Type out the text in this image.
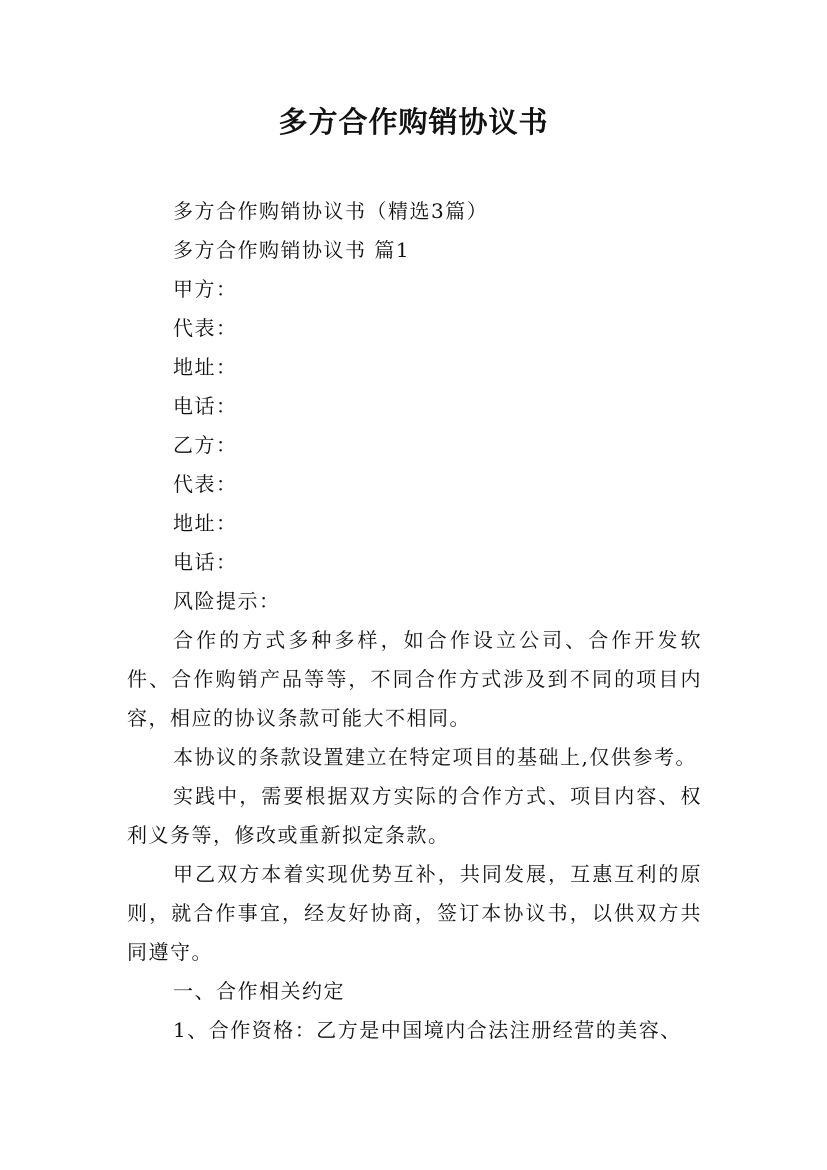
多方合作购销协议书

多方合作购销协议书（精选3篇）

多方合作购销协议书 篇1

甲方：

代表：

地址：

电话：

乙方：

代表：

地址：

电话：

风险提示：

合作的方式多种多样，如合作设立公司、合作开发软件、合作购销产品等等，不同合作方式涉及到不同的项目内容，相应的协议条款可能大不相同。

本协议的条款设置建立在特定项目的基础上,仅供参考。

实践中，需要根据双方实际的合作方式、项目内容、权利义务等，修改或重新拟定条款。

甲乙双方本着实现优势互补，共同发展，互惠互利的原则，就合作事宜，经友好协商，签订本协议书，以供双方共同遵守。

一、合作相关约定

1、合作资格：乙方是中国境内合法注册经营的美容、
